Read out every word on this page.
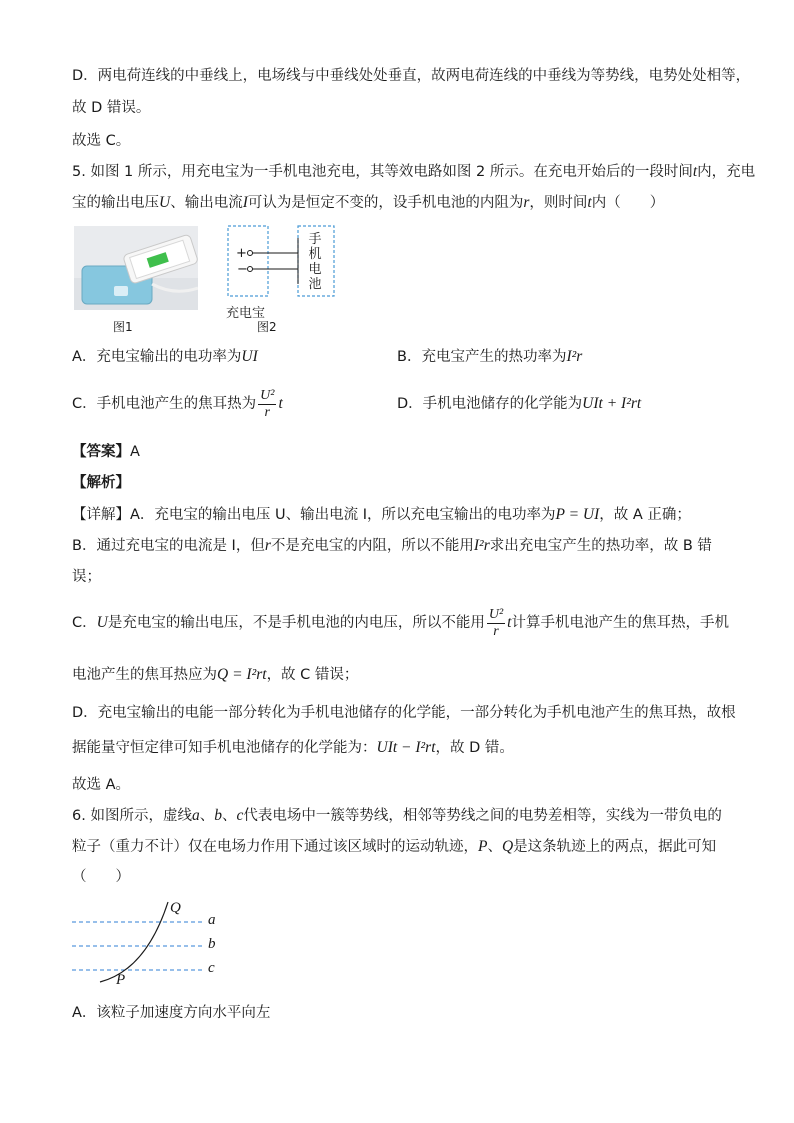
D．两电荷连线的中垂线上，电场线与中垂线处处垂直，故两电荷连线的中垂线为等势线，电势处处相等，
故 D 错误。
故选 C。
5. 如图 1 所示，用充电宝为一手机电池充电，其等效电路如图 2 所示。在充电开始后的一段时间t内，充电
宝的输出电压U、输出电流I可认为是恒定不变的，设手机电池的内阻为r，则时间t内（　　）
图1
+
−
手
机
电
池
充电宝
图2
A．充电宝输出的电功率为UI	B．充电宝产生的热功率为I²r
C．手机电池产生的焦耳热为 $\frac{\text{U²}}{r}$ t	D．手机电池储存的化学能为UIt + I²rt
【答案】A
【解析】
【详解】A．充电宝的输出电压 U、输出电流 I，所以充电宝输出的电功率为P = UI，故 A 正确；
B．通过充电宝的电流是 I，但r不是充电宝的内阻，所以不能用I²r求出充电宝产生的热功率，故 B 错
误；
C．U是充电宝的输出电压，不是手机电池的内电压，所以不能用 $\frac{\text{U²}}{r}$ t计算手机电池产生的焦耳热，手机
电池产生的焦耳热应为Q = I²rt，故 C 错误；
D．充电宝输出的电能一部分转化为手机电池储存的化学能，一部分转化为手机电池产生的焦耳热，故根
据能量守恒定律可知手机电池储存的化学能为：UIt − I²rt，故 D 错。
故选 A。
6. 如图所示，虚线a、b、c代表电场中一簇等势线，相邻等势线之间的电势差相等，实线为一带负电的
粒子（重力不计）仅在电场力作用下通过该区域时的运动轨迹，P、Q是这条轨迹上的两点，据此可知
（　　）
Q
P
a
b
c
A．该粒子加速度方向水平向左
